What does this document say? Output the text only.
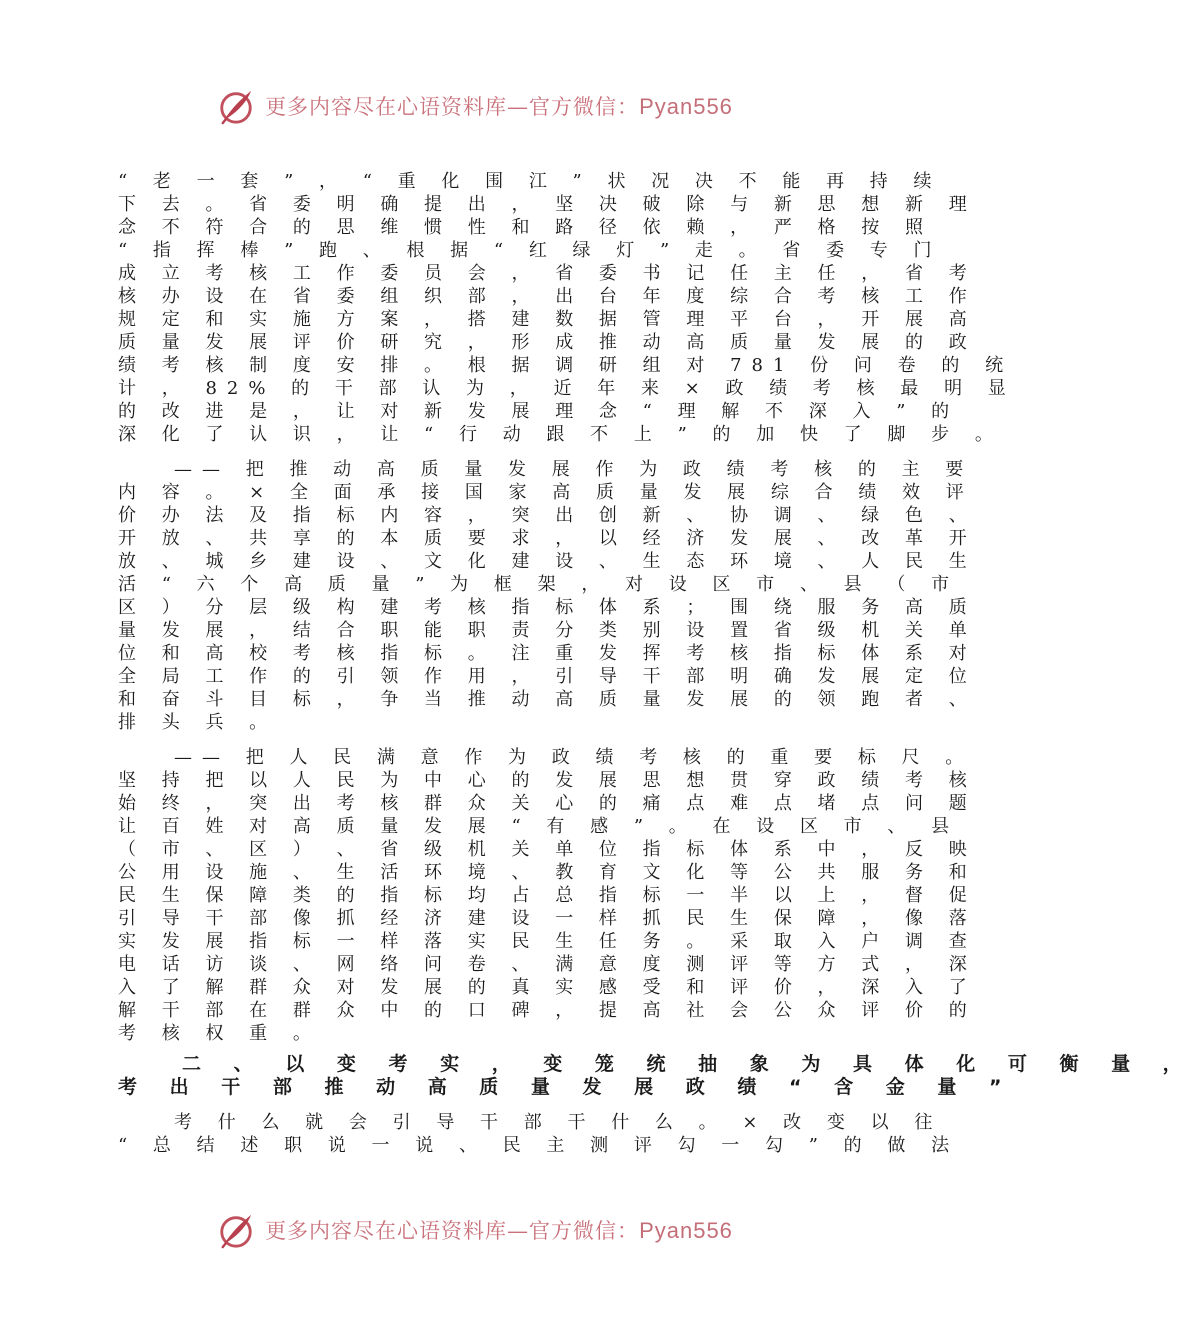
更多内容尽在心语资料库—官方微信：Pyan556
“ 老 一 套 ” ， “ 重 化 围 江 ” 状 况 决 不 能 再 持 续
下 去 。 省 委 明 确 提 出 ， 坚 决 破 除 与 新 思 想 新 理
念 不 符 合 的 思 维 惯 性 和 路 径 依 赖 ， 严 格 按 照
“ 指 挥 棒 ” 跑 、 根 据 “ 红 绿 灯 ” 走 。 省 委 专 门
成 立 考 核 工 作 委 员 会 ， 省 委 书 记 任 主 任 ， 省 考
核 办 设 在 省 委 组 织 部 ， 出 台 年 度 综 合 考 核 工 作
规 定 和 实 施 方 案 ， 搭 建 数 据 管 理 平 台 ， 开 展 高
质 量 发 展 评 价 研 究 ， 形 成 推 动 高 质 量 发 展 的 政
绩 考 核 制 度 安 排 。 根 据 调 研 组 对 781 份 问 卷 的 统
计 ， 82% 的 干 部 认 为 ， 近 年 来 × 政 绩 考 核 最 明 显
的 改 进 是 ， 让 对 新 发 展 理 念 “ 理 解 不 深 入 ” 的
深 化 了 认 识 ， 让 “ 行 动 跟 不 上 ” 的 加 快 了 脚 步 。
　　—— 把 推 动 高 质 量 发 展 作 为 政 绩 考 核 的 主 要
内 容 。 × 全 面 承 接 国 家 高 质 量 发 展 综 合 绩 效 评
价 办 法 及 指 标 内 容 ， 突 出 创 新 、 协 调 、 绿 色 、
开 放 、 共 享 的 本 质 要 求 ， 以 经 济 发 展 、 改 革 开
放 、 城 乡 建 设 、 文 化 建 设 、 生 态 环 境 、 人 民 生
活 “ 六 个 高 质 量 ” 为 框 架 ， 对 设 区 市 、 县 （ 市
区 ） 分 层 级 构 建 考 核 指 标 体 系 ； 围 绕 服 务 高 质
量 发 展 ， 结 合 职 能 职 责 分 类 别 设 置 省 级 机 关 单
位 和 高 校 考 核 指 标 。 注 重 发 挥 考 核 指 标 体 系 对
全 局 工 作 的 引 领 作 用 ， 引 导 干 部 明 确 发 展 定 位
和 奋 斗 目 标 ， 争 当 推 动 高 质 量 发 展 的 领 跑 者 、
排 头 兵 。
　　—— 把 人 民 满 意 作 为 政 绩 考 核 的 重 要 标 尺 。
坚 持 把 以 人 民 为 中 心 的 发 展 思 想 贯 穿 政 绩 考 核
始 终 ， 突 出 考 核 群 众 关 心 的 痛 点 难 点 堵 点 问 题
让 百 姓 对 高 质 量 发 展 “ 有 感 ” 。 在 设 区 市 、 县
（ 市 、 区 ） 、 省 级 机 关 单 位 指 标 体 系 中 ， 反 映
公 用 设 施 、 生 活 环 境 、 教 育 文 化 等 公 共 服 务 和
民 生 保 障 类 的 指 标 均 占 总 指 标 一 半 以 上 ， 督 促
引 导 干 部 像 抓 经 济 建 设 一 样 抓 民 生 保 障 ， 像 落
实 发 展 指 标 一 样 落 实 民 生 任 务 。 采 取 入 户 调 查
电 话 访 谈 、 网 络 问 卷 、 满 意 度 测 评 等 方 式 ， 深
入 了 解 群 众 对 发 展 的 真 实 感 受 和 评 价 ， 深 入 了
解 干 部 在 群 众 中 的 口 碑 ， 提 高 社 会 公 众 评 价 的
考 核 权 重 。
　　二 、 以 变 考 实 ， 变 笼 统 抽 象 为 具 体 化 可 衡 量 ，
考 出 干 部 推 动 高 质 量 发 展 政 绩 “ 含 金 量 ”
　　考 什 么 就 会 引 导 干 部 干 什 么 。 × 改 变 以 往
“ 总 结 述 职 说 一 说 、 民 主 测 评 勾 一 勾 ” 的 做 法
更多内容尽在心语资料库—官方微信：Pyan556
